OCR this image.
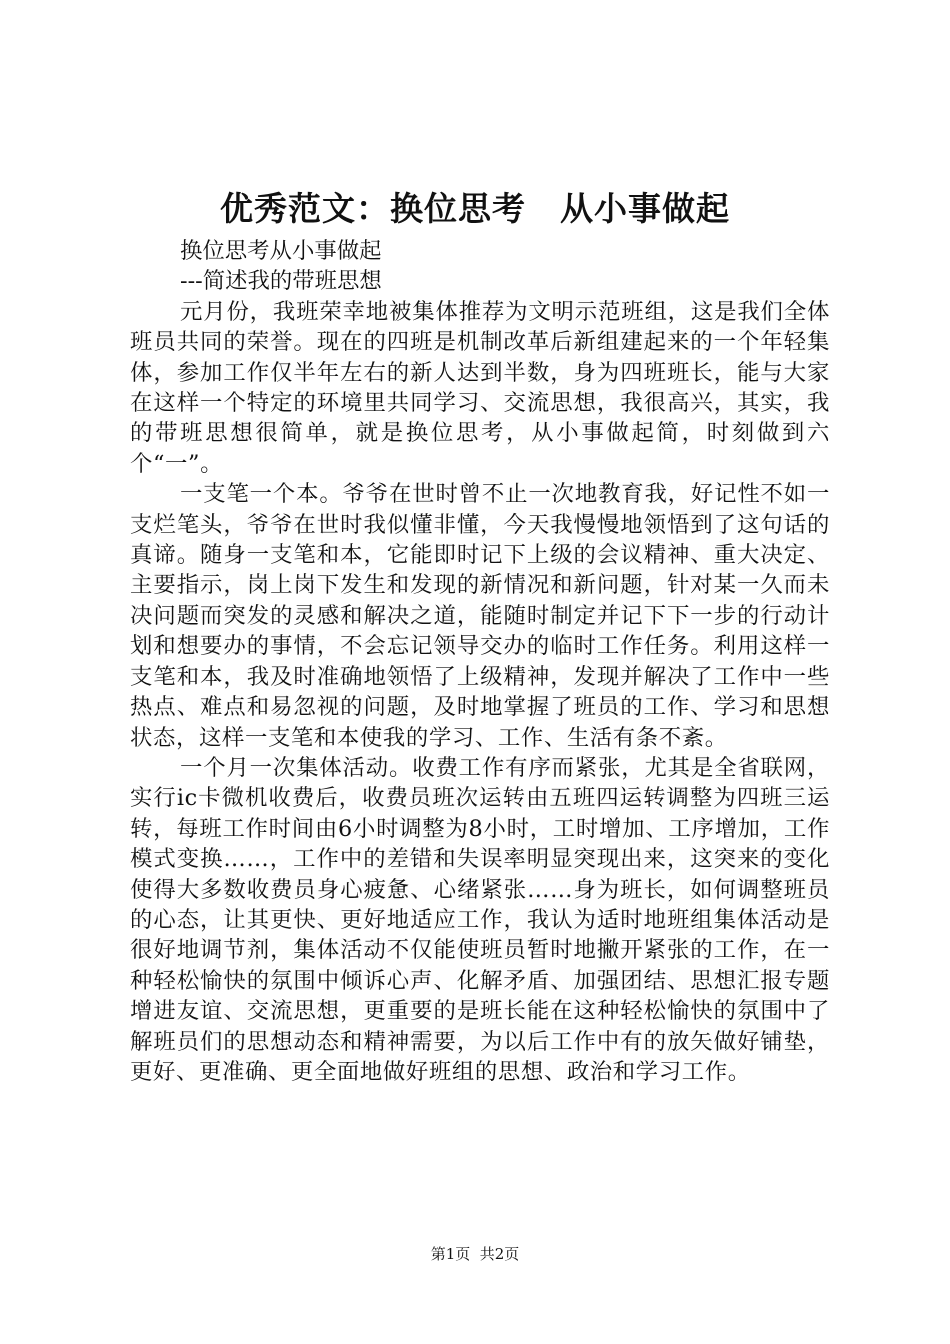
优秀范文：换位思考　从小事做起
换位思考从小事做起
---简述我的带班思想

元月份，我班荣幸地被集体推荐为文明示范班组，这是我们全体班员共同的荣誉。现在的四班是机制改革后新组建起来的一个年轻集体，参加工作仅半年左右的新人达到半数，身为四班班长，能与大家在这样一个特定的环境里共同学习、交流思想，我很高兴，其实，我的带班思想很简单，就是换位思考，从小事做起简，时刻做到六个“一”。

一支笔一个本。爷爷在世时曾不止一次地教育我，好记性不如一支烂笔头，爷爷在世时我似懂非懂，今天我慢慢地领悟到了这句话的真谛。随身一支笔和本，它能即时记下上级的会议精神、重大决定、主要指示，岗上岗下发生和发现的新情况和新问题，针对某一久而未决问题而突发的灵感和解决之道，能随时制定并记下下一步的行动计划和想要办的事情，不会忘记领导交办的临时工作任务。利用这样一支笔和本，我及时准确地领悟了上级精神，发现并解决了工作中一些热点、难点和易忽视的问题，及时地掌握了班员的工作、学习和思想状态，这样一支笔和本使我的学习、工作、生活有条不紊。

一个月一次集体活动。收费工作有序而紧张，尤其是全省联网，实行ic卡微机收费后，收费员班次运转由五班四运转调整为四班三运转，每班工作时间由6小时调整为8小时，工时增加、工序增加，工作模式变换……，工作中的差错和失误率明显突现出来，这突来的变化使得大多数收费员身心疲惫、心绪紧张……身为班长，如何调整班员的心态，让其更快、更好地适应工作，我认为适时地班组集体活动是很好地调节剂，集体活动不仅能使班员暂时地撇开紧张的工作，在一种轻松愉快的氛围中倾诉心声、化解矛盾、加强团结、思想汇报专题增进友谊、交流思想，更重要的是班长能在这种轻松愉快的氛围中了解班员们的思想动态和精神需要，为以后工作中有的放矢做好铺垫，更好、更准确、更全面地做好班组的思想、政治和学习工作。

第1页  共2页
